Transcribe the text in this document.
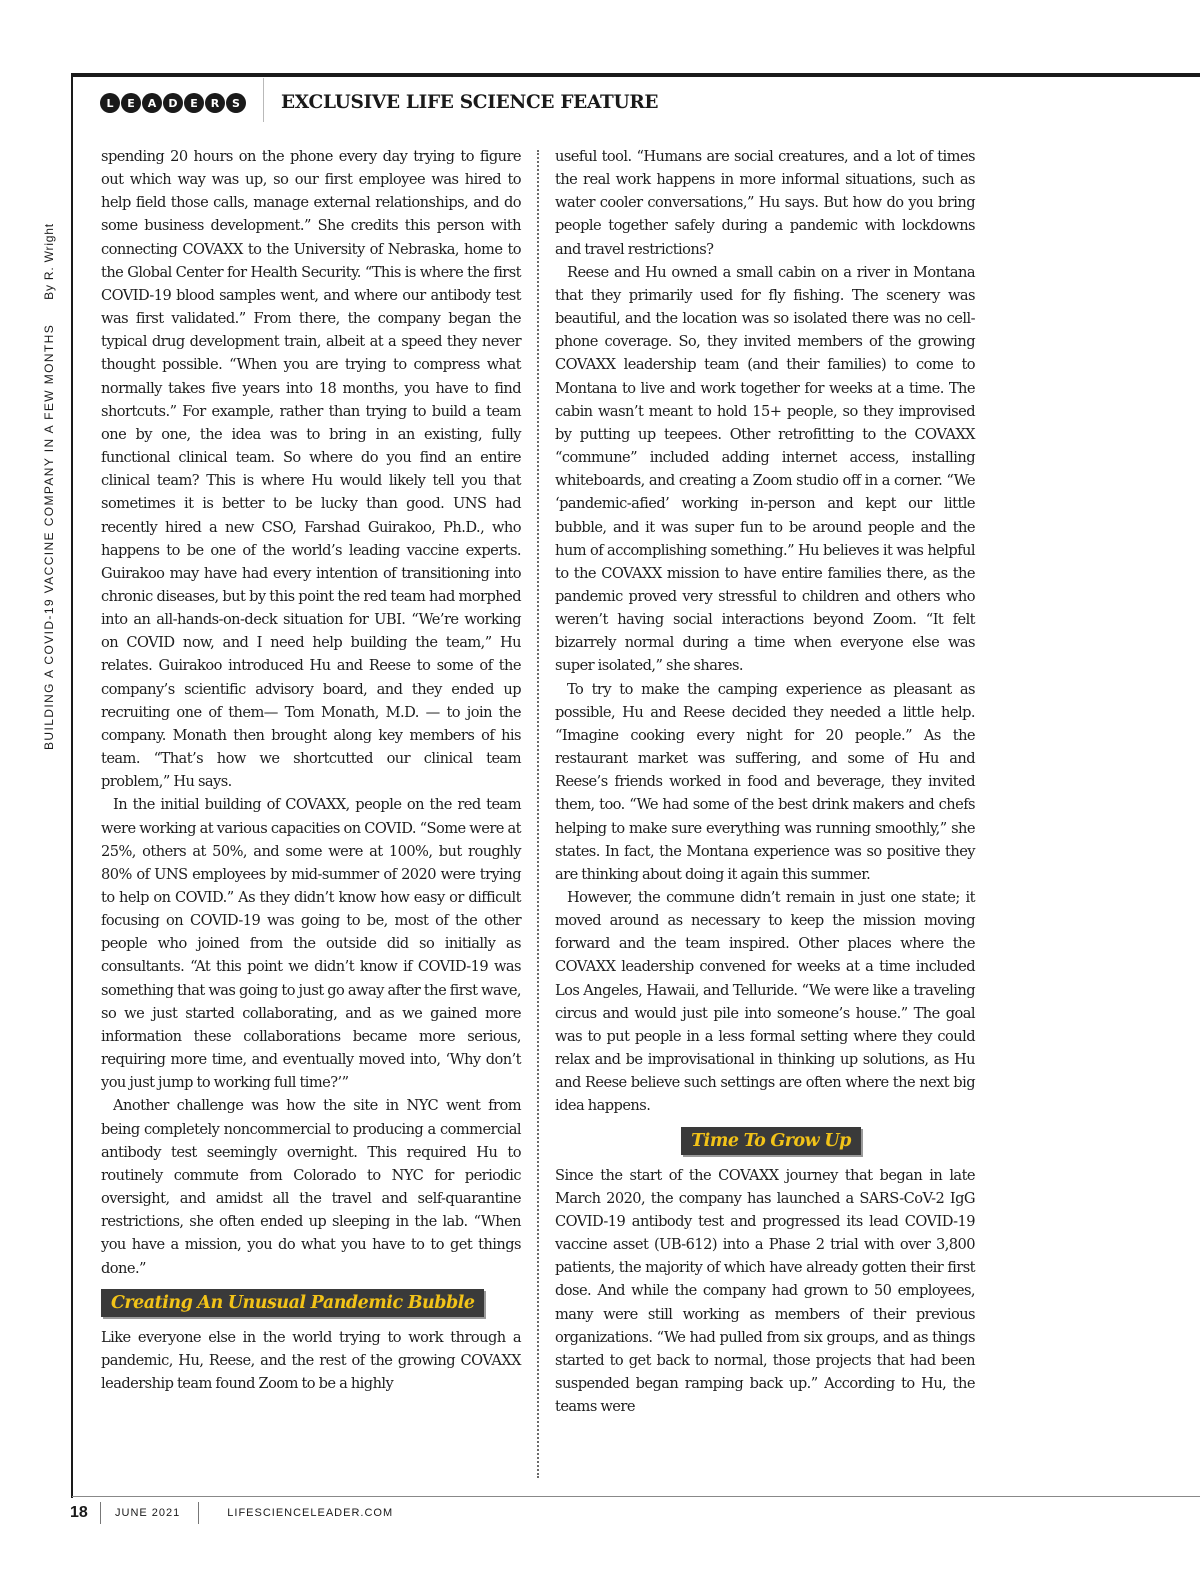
L	E	A	D	E	R	S	EXCLUSIVE LIFE SCIENCE FEATURE
BUILDING A COVID-19 VACCINE COMPANY IN A FEW MONTHS
By R. Wright

spending 20 hours on the phone every day trying to figure out which way was up, so our first employee was hired to help field those calls, manage external relationships, and do some business development.” She credits this person with connecting COVAXX to the University of Nebraska, home to the Global Center for Health Security. “This is where the first COVID-19 blood samples went, and where our antibody test was first validated.” From there, the company began the typical drug development train, albeit at a speed they never thought possible. “When you are trying to compress what normally takes five years into 18 months, you have to find shortcuts.” For example, rather than trying to build a team one by one, the idea was to bring in an existing, fully functional clinical team. So where do you find an entire clinical team? This is where Hu would likely tell you that sometimes it is better to be lucky than good. UNS had recently hired a new CSO, Farshad Guirakoo, Ph.D., who happens to be one of the world’s leading vaccine experts. Guirakoo may have had every intention of transitioning into chronic diseases, but by this point the red team had morphed into an all-hands-on-deck situation for UBI. “We’re working on COVID now, and I need help building the team,” Hu relates. Guirakoo introduced Hu and Reese to some of the company’s scientific advisory board, and they ended up recruiting one of them— Tom Monath, M.D. — to join the company. Monath then brought along key members of his team. “That’s how we shortcutted our clinical team problem,” Hu says.

In the initial building of COVAXX, people on the red team were working at various capacities on COVID. “Some were at 25%, others at 50%, and some were at 100%, but roughly 80% of UNS employees by mid-summer of 2020 were trying to help on COVID.” As they didn’t know how easy or difficult focusing on COVID-19 was going to be, most of the other people who joined from the outside did so initially as consultants. “At this point we didn’t know if COVID-19 was something that was going to just go away after the first wave, so we just started collaborating, and as we gained more information these collaborations became more serious, requiring more time, and eventually moved into, ‘Why don’t you just jump to working full time?’”

Another challenge was how the site in NYC went from being completely noncommercial to producing a commercial antibody test seemingly overnight. This required Hu to routinely commute from Colorado to NYC for periodic oversight, and amidst all the travel and self-quarantine restrictions, she often ended up sleeping in the lab. “When you have a mission, you do what you have to to get things done.”

Creating An Unusual Pandemic Bubble

Like everyone else in the world trying to work through a pandemic, Hu, Reese, and the rest of the growing COVAXX leadership team found Zoom to be a highly

useful tool. “Humans are social creatures, and a lot of times the real work happens in more informal situations, such as water cooler conversations,” Hu says. But how do you bring people together safely during a pandemic with lockdowns and travel restrictions?

Reese and Hu owned a small cabin on a river in Montana that they primarily used for fly fishing. The scenery was beautiful, and the location was so isolated there was no cell-phone coverage. So, they invited members of the growing COVAXX leadership team (and their families) to come to Montana to live and work together for weeks at a time. The cabin wasn’t meant to hold 15+ people, so they improvised by putting up teepees. Other retrofitting to the COVAXX “commune” included adding internet access, installing whiteboards, and creating a Zoom studio off in a corner. “We ‘pandemic-afied’ working in-person and kept our little bubble, and it was super fun to be around people and the hum of accomplishing something.” Hu believes it was helpful to the COVAXX mission to have entire families there, as the pandemic proved very stressful to children and others who weren’t having social interactions beyond Zoom. “It felt bizarrely normal during a time when everyone else was super isolated,” she shares.

To try to make the camping experience as pleasant as possible, Hu and Reese decided they needed a little help. “Imagine cooking every night for 20 people.” As the restaurant market was suffering, and some of Hu and Reese’s friends worked in food and beverage, they invited them, too. “We had some of the best drink makers and chefs helping to make sure everything was running smoothly,” she states. In fact, the Montana experience was so positive they are thinking about doing it again this summer.

However, the commune didn’t remain in just one state; it moved around as necessary to keep the mission moving forward and the team inspired. Other places where the COVAXX leadership convened for weeks at a time included Los Angeles, Hawaii, and Telluride. “We were like a traveling circus and would just pile into someone’s house.” The goal was to put people in a less formal setting where they could relax and be improvisational in thinking up solutions, as Hu and Reese believe such settings are often where the next big idea happens.

Time To Grow Up

Since the start of the COVAXX journey that began in late March 2020, the company has launched a SARS-CoV-2 IgG COVID-19 antibody test and progressed its lead COVID-19 vaccine asset (UB-612) into a Phase 2 trial with over 3,800 patients, the majority of which have already gotten their first dose. And while the company had grown to 50 employees, many were still working as members of their previous organizations. “We had pulled from six groups, and as things started to get back to normal, those projects that had been suspended began ramping back up.” According to Hu, the teams were

18	JUNE 2021	LIFESCIENCELEADER.COM
